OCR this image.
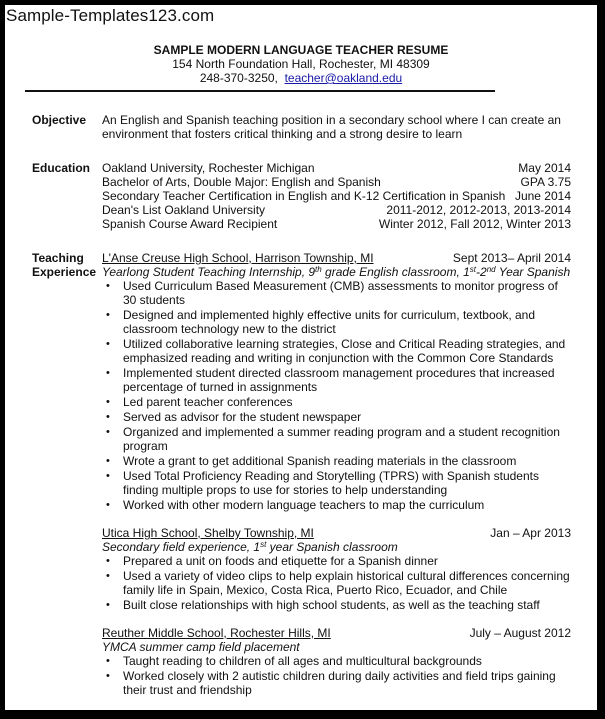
Sample-Templates123.com
SAMPLE MODERN LANGUAGE TEACHER RESUME
154 North Foundation Hall, Rochester, MI 48309
248-370-3250, teacher@oakland.edu
Objective	An English and Spanish teaching position in a secondary school where I can create an environment that fosters critical thinking and a strong desire to learn
Education Oakland University, Rochester Michigan	May 2014
Bachelor of Arts, Double Major: English and Spanish	GPA 3.75
Secondary Teacher Certification in English and K-12 Certification in Spanish June 2014
Dean's List Oakland University	2011-2012, 2012-2013, 2013-2014
Spanish Course Award Recipient	Winter 2012, Fall 2012, Winter 2013
Teaching
Experience
L'Anse Creuse High School, Harrison Township, MI	Sept 2013– April 2014
Yearlong Student Teaching Internship, 9th grade English classroom, 1st-2nd Year Spanish
• Used Curriculum Based Measurement (CMB) assessments to monitor progress of 30 students
• Designed and implemented highly effective units for curriculum, textbook, and classroom technology new to the district
• Utilized collaborative learning strategies, Close and Critical Reading strategies, and emphasized reading and writing in conjunction with the Common Core Standards
• Implemented student directed classroom management procedures that increased percentage of turned in assignments
• Led parent teacher conferences
• Served as advisor for the student newspaper
• Organized and implemented a summer reading program and a student recognition program
• Wrote a grant to get additional Spanish reading materials in the classroom
• Used Total Proficiency Reading and Storytelling (TPRS) with Spanish students finding multiple props to use for stories to help understanding
• Worked with other modern language teachers to map the curriculum
Utica High School, Shelby Township, MI	Jan – Apr 2013
Secondary field experience, 1st year Spanish classroom
• Prepared a unit on foods and etiquette for a Spanish dinner
• Used a variety of video clips to help explain historical cultural differences concerning family life in Spain, Mexico, Costa Rica, Puerto Rico, Ecuador, and Chile
• Built close relationships with high school students, as well as the teaching staff
Reuther Middle School, Rochester Hills, MI	July – August 2012
YMCA summer camp field placement
• Taught reading to children of all ages and multicultural backgrounds
• Worked closely with 2 autistic children during daily activities and field trips gaining their trust and friendship
